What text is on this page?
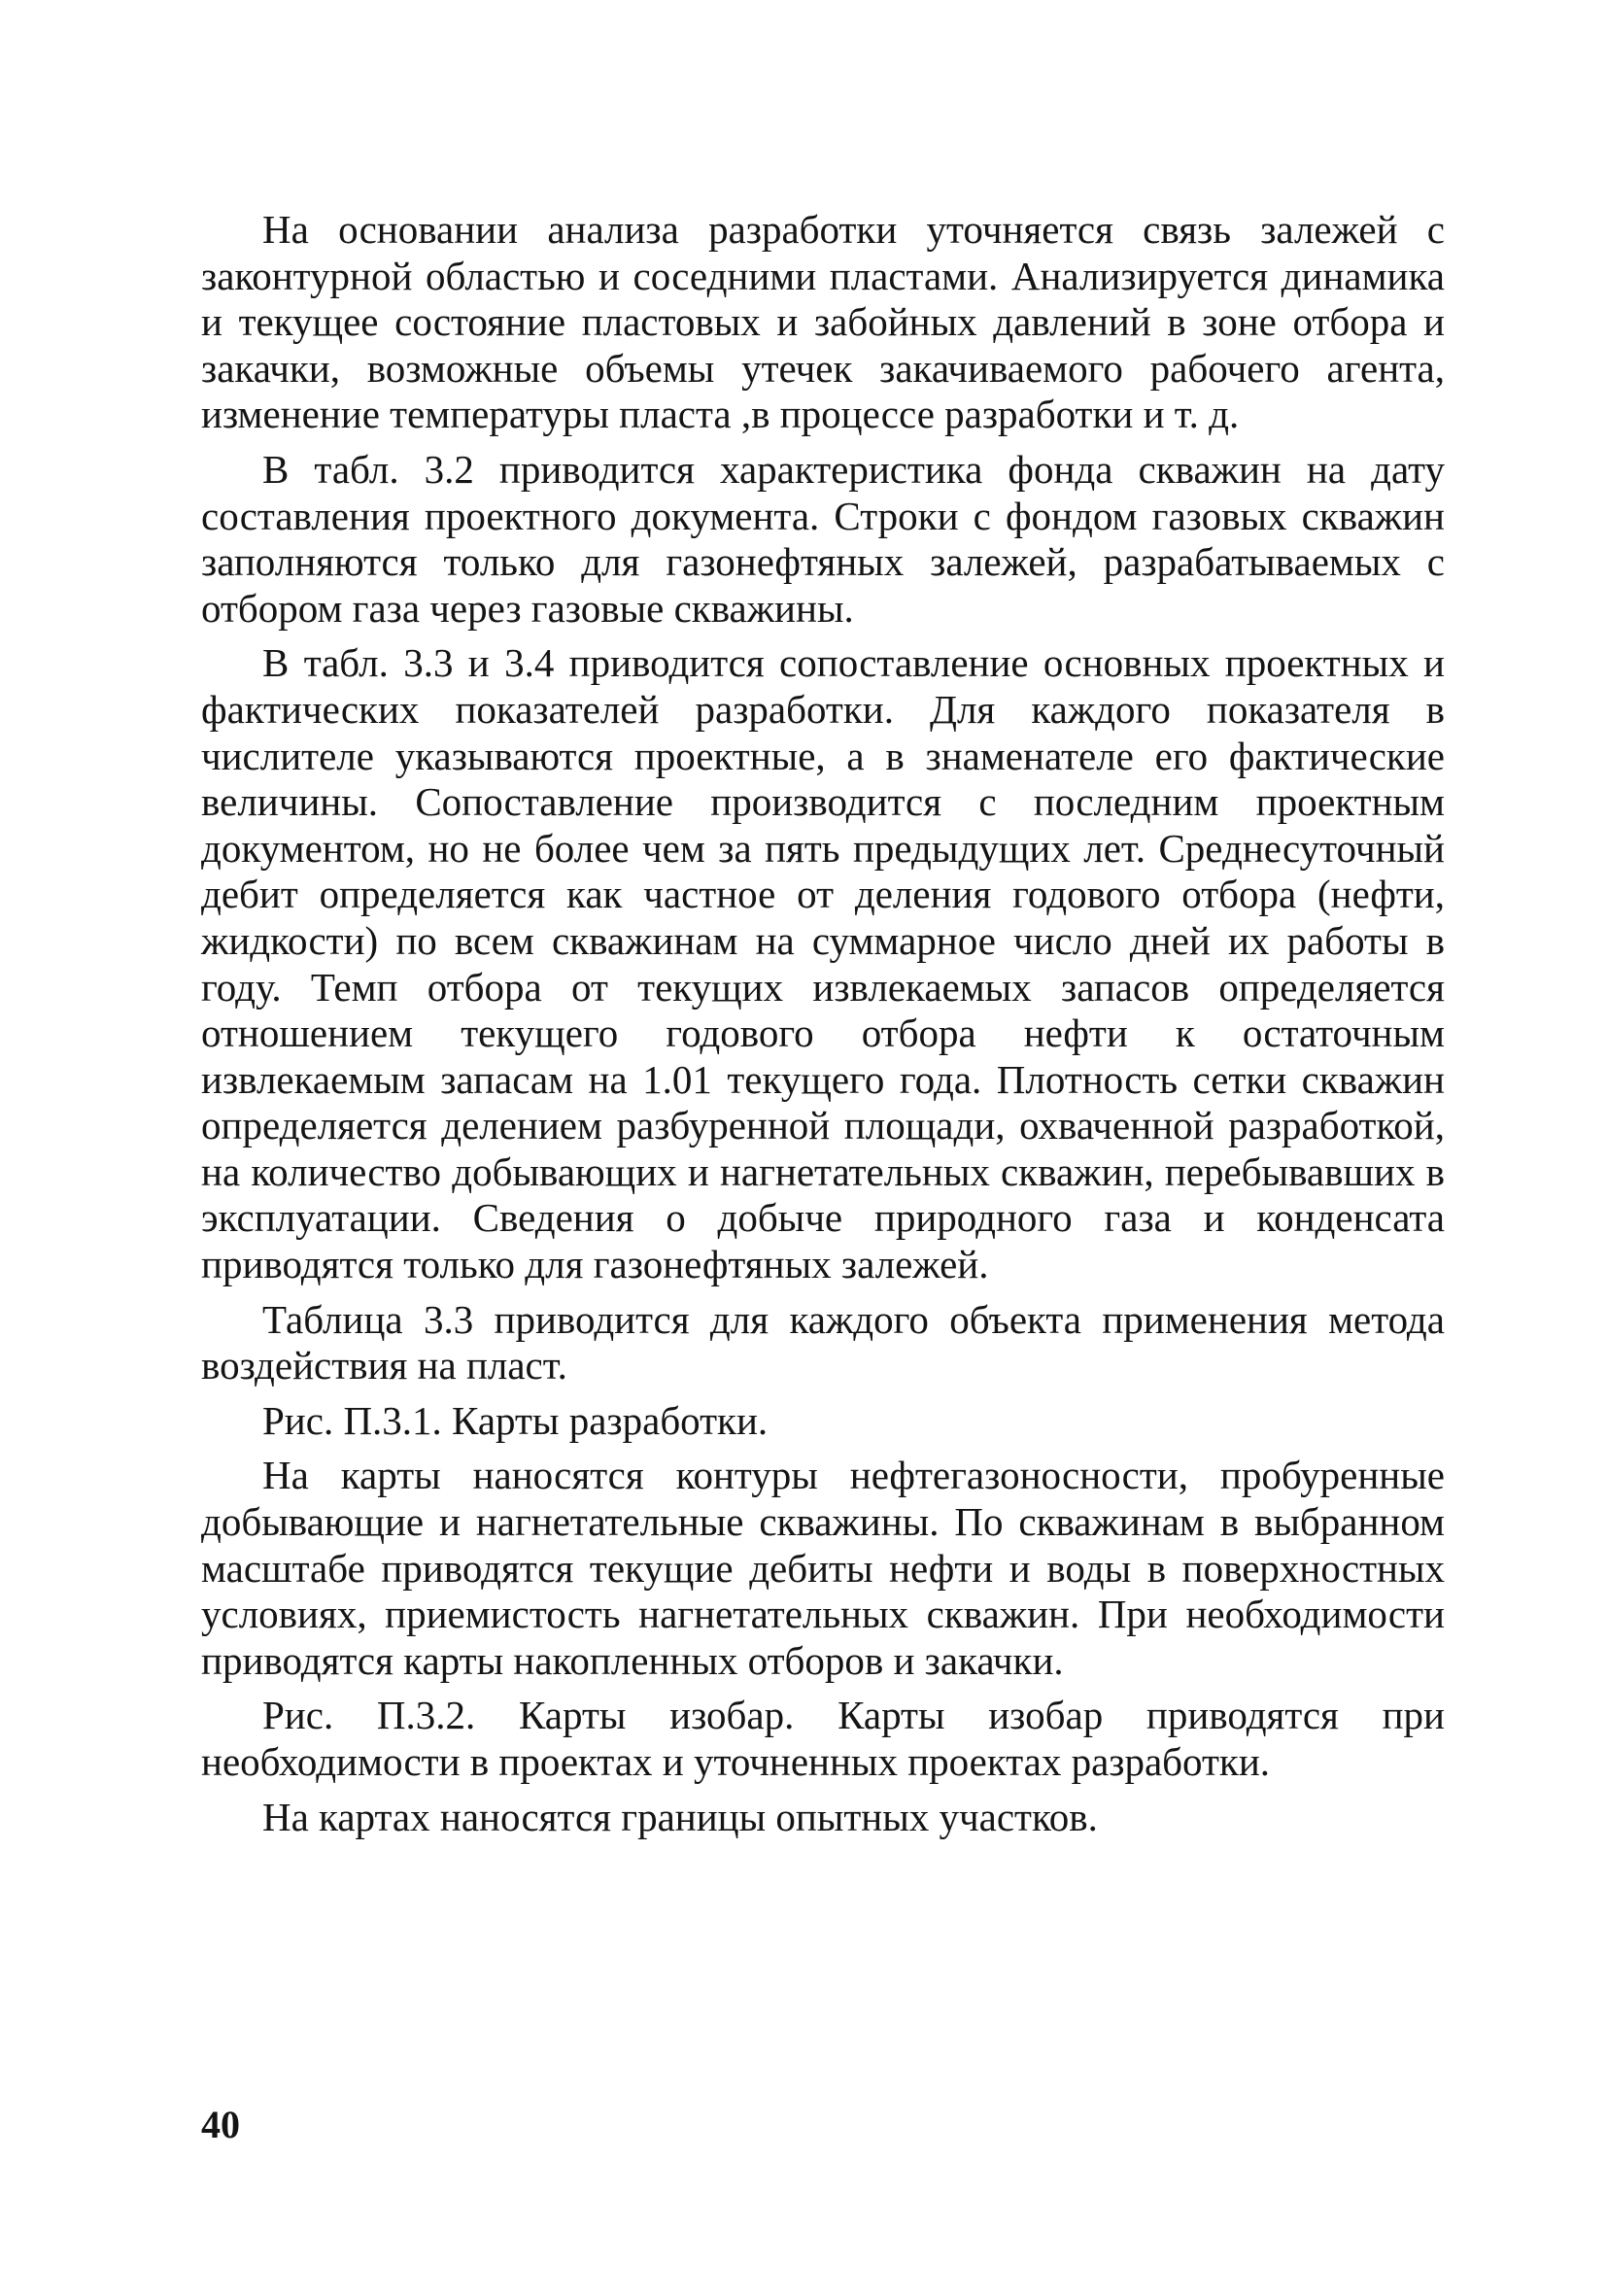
На основании анализа разработки уточняется связь залежей с законтурной областью и соседними пластами. Анализируется динамика и текущее состояние пластовых и забойных давлений в зоне отбора и закачки, возможные объемы утечек закачиваемого рабочего агента, изменение температуры пласта ,в процессе разработки и т. д.

В табл. 3.2 приводится характеристика фонда скважин на дату составления проектного документа. Строки с фондом газовых скважин заполняются только для газонефтяных залежей, разрабатываемых с отбором газа через газовые скважины.

В табл. 3.3 и 3.4 приводится сопоставление основных проектных и фактических показателей разработки. Для каждого показателя в числителе указываются проектные, а в знаменателе его фактические величины. Сопоставление производится с последним проектным документом, но не более чем за пять предыдущих лет. Среднесуточный дебит определяется как частное от деления годового отбора (нефти, жидкости) по всем скважинам на суммарное число дней их работы в году. Темп отбора от текущих извлекаемых запасов определяется отношением текущего годового отбора нефти к остаточным извлекаемым запасам на 1.01 текущего года. Плотность сетки скважин определяется делением разбуренной площади, охваченной разработкой, на количество добывающих и нагнетательных скважин, перебывавших в эксплуатации. Сведения о добыче природного газа и конденсата приводятся только для газонефтяных залежей.

Таблица 3.3 приводится для каждого объекта применения метода воздействия на пласт.

Рис. П.3.1. Карты разработки.

На карты наносятся контуры нефтегазоносности, пробуренные добывающие и нагнетательные скважины. По скважинам в выбранном масштабе приводятся текущие дебиты нефти и воды в поверхностных условиях, приемистость нагнетательных скважин. При необходимости приводятся карты накопленных отборов и закачки.

Рис. П.3.2. Карты изобар. Карты изобар приводятся при необходимости в проектах и уточненных проектах разработки.

На картах наносятся границы опытных участков.

40
